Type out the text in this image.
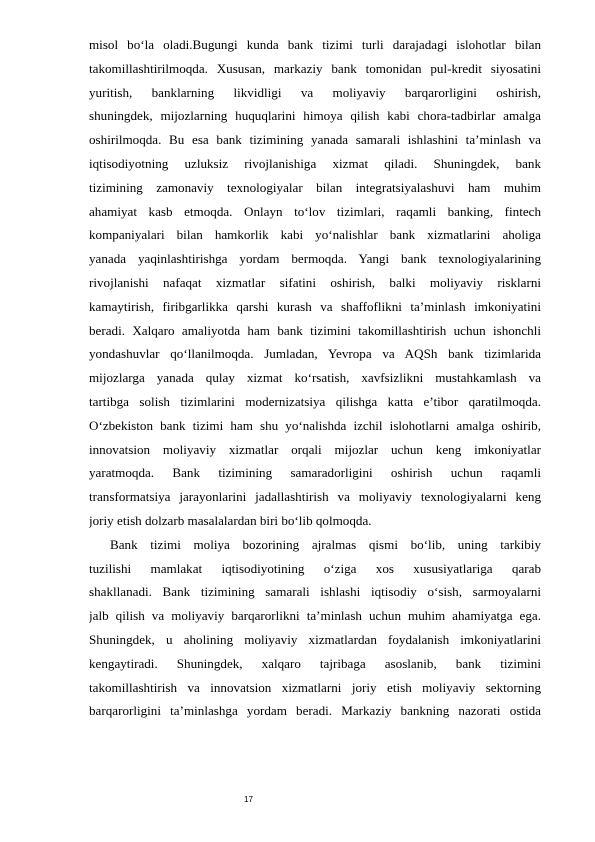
misol bo‘la oladi.Bugungi kunda bank tizimi turli darajadagi islohotlar bilan
takomillashtirilmoqda. Xususan, markaziy bank tomonidan pul-kredit siyosatini
yuritish, banklarning likvidligi va moliyaviy barqarorligini oshirish,
shuningdek, mijozlarning huquqlarini himoya qilish kabi chora-tadbirlar amalga
oshirilmoqda. Bu esa bank tizimining yanada samarali ishlashini ta’minlash va
iqtisodiyotning uzluksiz rivojlanishiga xizmat qiladi. Shuningdek, bank
tizimining zamonaviy texnologiyalar bilan integratsiyalashuvi ham muhim
ahamiyat kasb etmoqda. Onlayn to‘lov tizimlari, raqamli banking, fintech
kompaniyalari bilan hamkorlik kabi yo‘nalishlar bank xizmatlarini aholiga
yanada yaqinlashtirishga yordam bermoqda. Yangi bank texnologiyalarining
rivojlanishi nafaqat xizmatlar sifatini oshirish, balki moliyaviy risklarni
kamaytirish, firibgarlikka qarshi kurash va shaffoflikni ta’minlash imkoniyatini
beradi. Xalqaro amaliyotda ham bank tizimini takomillashtirish uchun ishonchli
yondashuvlar qo‘llanilmoqda. Jumladan, Yevropa va AQSh bank tizimlarida
mijozlarga yanada qulay xizmat ko‘rsatish, xavfsizlikni mustahkamlash va
tartibga solish tizimlarini modernizatsiya qilishga katta e’tibor qaratilmoqda.
O‘zbekiston bank tizimi ham shu yo‘nalishda izchil islohotlarni amalga oshirib,
innovatsion moliyaviy xizmatlar orqali mijozlar uchun keng imkoniyatlar
yaratmoqda. Bank tizimining samaradorligini oshirish uchun raqamli
transformatsiya jarayonlarini jadallashtirish va moliyaviy texnologiyalarni keng
joriy etish dolzarb masalalardan biri bo‘lib qolmoqda.
Bank tizimi moliya bozorining ajralmas qismi bo‘lib, uning tarkibiy
tuzilishi mamlakat iqtisodiyotining o‘ziga xos xususiyatlariga qarab
shakllanadi. Bank tizimining samarali ishlashi iqtisodiy o‘sish, sarmoyalarni
jalb qilish va moliyaviy barqarorlikni ta’minlash uchun muhim ahamiyatga ega.
Shuningdek, u aholining moliyaviy xizmatlardan foydalanish imkoniyatlarini
kengaytiradi. Shuningdek, xalqaro tajribaga asoslanib, bank tizimini
takomillashtirish va innovatsion xizmatlarni joriy etish moliyaviy sektorning
barqarorligini ta’minlashga yordam beradi. Markaziy bankning nazorati ostida
17
